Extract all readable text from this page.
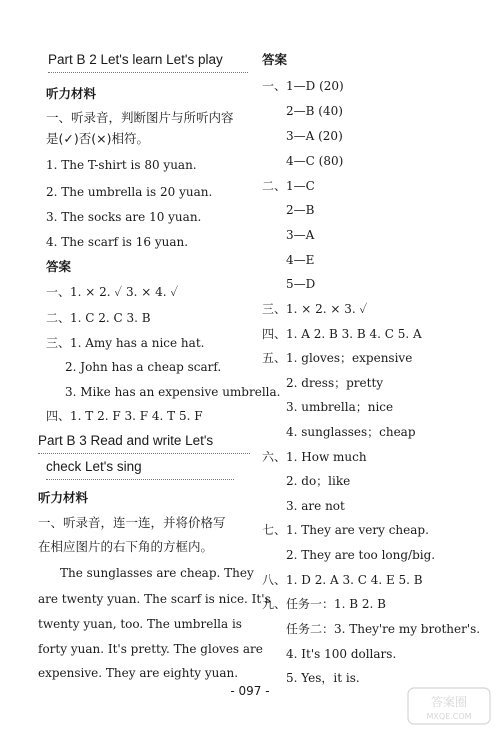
Part B 2 Let's learn Let's play
听力材料
一、听录音，判断图片与所听内容
是(✓)否(×)相符。
1. The T-shirt is 80 yuan.
2. The umbrella is 20 yuan.
3. The socks are 10 yuan.
4. The scarf is 16 yuan.
答案
一、1. × 2. ✓ 3. × 4. ✓
二、1. C 2. C 3. B
三、1. Amy has a nice hat.
2. John has a cheap scarf.
3. Mike has an expensive umbrella.
四、1. T 2. F 3. F 4. T 5. F
Part B 3 Read and write Let's
check Let's sing
听力材料
一、听录音，连一连，并将价格写
在相应图片的右下角的方框内。
The sunglasses are cheap. They
are twenty yuan. The scarf is nice. It's
twenty yuan, too. The umbrella is
forty yuan. It's pretty. The gloves are
expensive. They are eighty yuan.
答案
一、1—D (20)
2—B (40)
3—A (20)
4—C (80)
二、1—C
2—B
3—A
4—E
5—D
三、1. × 2. × 3. ✓
四、1. A 2. B 3. B 4. C 5. A
五、1. gloves；expensive
2. dress；pretty
3. umbrella；nice
4. sunglasses；cheap
六、1. How much
2. do；like
3. are not
七、1. They are very cheap.
2. They are too long/big.
八、1. D 2. A 3. C 4. E 5. B
九、任务一：1. B 2. B
任务二：3. They're my brother's.
4. It's 100 dollars.
5. Yes，it is.
- 097 -
答案圈
MXQE.COM
